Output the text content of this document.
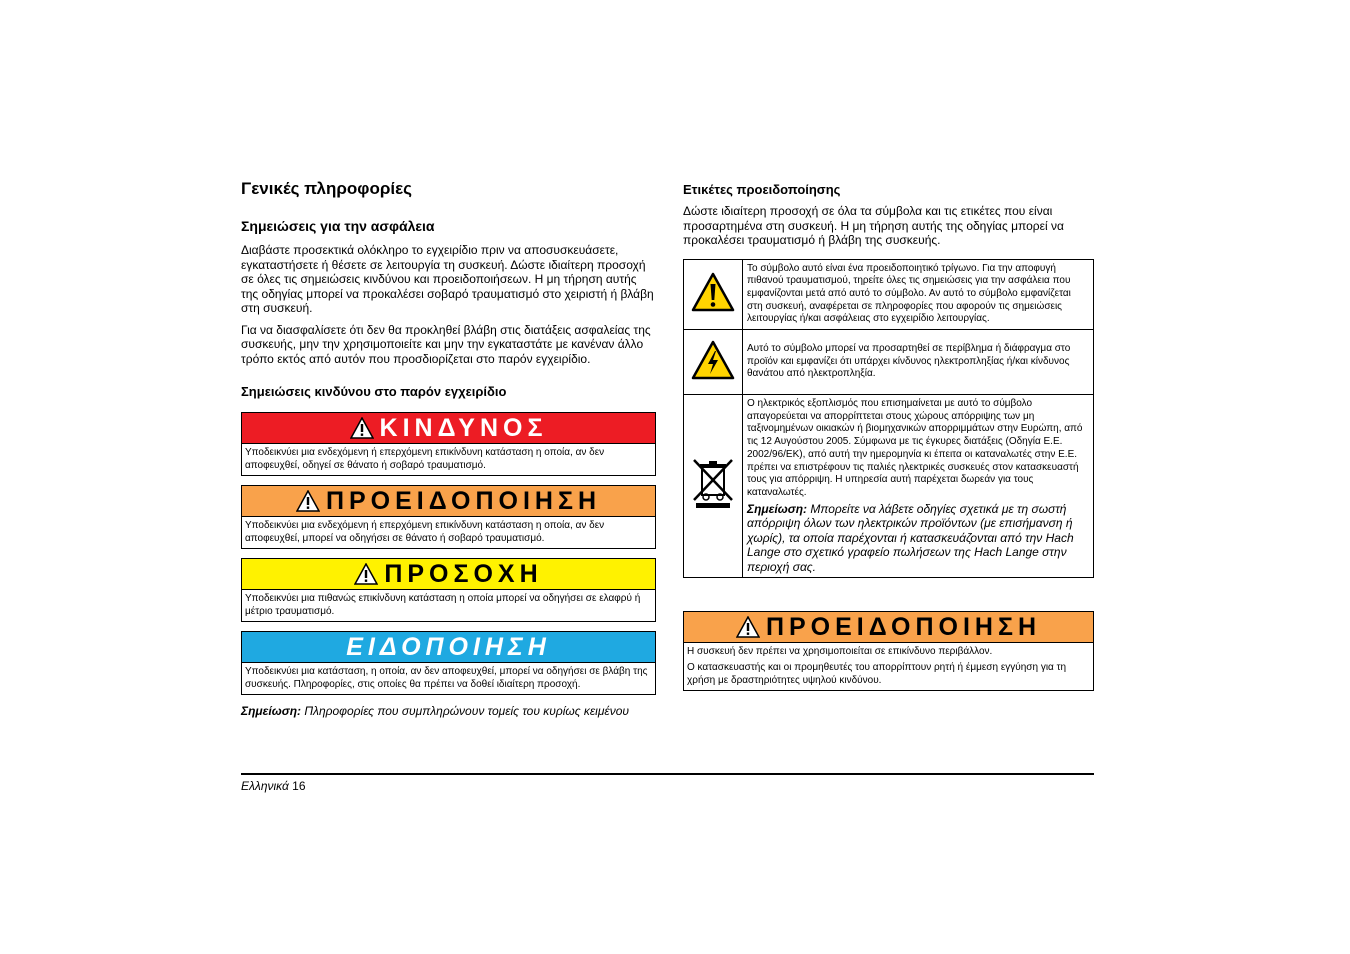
Γενικές πληροφορίες
Σημειώσεις για την ασφάλεια

Διαβάστε προσεκτικά ολόκληρο το εγχειρίδιο πριν να αποσυσκευάσετε, εγκαταστήσετε ή θέσετε σε λειτουργία τη συσκευή. Δώστε ιδιαίτερη προσοχή σε όλες τις σημειώσεις κινδύνου και προειδοποιήσεων. Η μη τήρηση αυτής της οδηγίας μπορεί να προκαλέσει σοβαρό τραυματισμό στο χειριστή ή βλάβη στη συσκευή.

Για να διασφαλίσετε ότι δεν θα προκληθεί βλάβη στις διατάξεις ασφαλείας της συσκευής, μην την χρησιμοποιείτε και μην την εγκαταστάτε με κανέναν άλλο τρόπο εκτός από αυτόν που προσδιορίζεται στο παρόν εγχειρίδιο.

Σημειώσεις κινδύνου στο παρόν εγχειρίδιο
ΚΙΝΔΥΝΟΣ
Υποδεικνύει μια ενδεχόμενη ή επερχόμενη επικίνδυνη κατάσταση η οποία, αν δεν αποφευχθεί, οδηγεί σε θάνατο ή σοβαρό τραυματισμό.
ΠΡΟΕΙΔΟΠΟΙΗΣΗ
Υποδεικνύει μια ενδεχόμενη ή επερχόμενη επικίνδυνη κατάσταση η οποία, αν δεν αποφευχθεί, μπορεί να οδηγήσει σε θάνατο ή σοβαρό τραυματισμό.
ΠΡΟΣΟΧΗ
Υποδεικνύει μια πιθανώς επικίνδυνη κατάσταση η οποία μπορεί να οδηγήσει σε ελαφρύ ή μέτριο τραυματισμό.
ΕΙΔΟΠΟΙΗΣΗ
Υποδεικνύει μια κατάσταση, η οποία, αν δεν αποφευχθεί, μπορεί να οδηγήσει σε βλάβη της συσκευής. Πληροφορίες, στις οποίες θα πρέπει να δοθεί ιδιαίτερη προσοχή.
Σημείωση: Πληροφορίες που συμπληρώνουν τομείς του κυρίως κειμένου
Ετικέτες προειδοποίησης

Δώστε ιδιαίτερη προσοχή σε όλα τα σύμβολα και τις ετικέτες που είναι προσαρτημένα στη συσκευή. Η μη τήρηση αυτής της οδηγίας μπορεί να προκαλέσει τραυματισμό ή βλάβη της συσκευής.

	Το σύμβολο αυτό είναι ένα προειδοποιητικό τρίγωνο. Για την αποφυγή πιθανού τραυματισμού, τηρείτε όλες τις σημειώσεις για την ασφάλεια που εμφανίζονται μετά από αυτό το σύμβολο. Αν αυτό το σύμβολο εμφανίζεται στη συσκευή, αναφέρεται σε πληροφορίες που αφορούν τις σημειώσεις λειτουργίας ή/και ασφάλειας στο εγχειρίδιο λειτουργίας.
	Αυτό το σύμβολο μπορεί να προσαρτηθεί σε περίβλημα ή διάφραγμα στο προϊόν και εμφανίζει ότι υπάρχει κίνδυνος ηλεκτροπληξίας ή/και κίνδυνος θανάτου από ηλεκτροπληξία.
	Ο ηλεκτρικός εξοπλισμός που επισημαίνεται με αυτό το σύμβολο απαγορεύεται να απορρίπτεται στους χώρους απόρριψης των μη ταξινομημένων οικιακών ή βιομηχανικών απορριμμάτων στην Ευρώπη, από τις 12 Αυγούστου 2005. Σύμφωνα με τις έγκυρες διατάξεις (Οδηγία Ε.Ε. 2002/96/ΕΚ), από αυτή την ημερομηνία κι έπειτα οι καταναλωτές στην Ε.Ε. πρέπει να επιστρέφουν τις παλιές ηλεκτρικές συσκευές στον κατασκευαστή τους για απόρριψη. Η υπηρεσία αυτή παρέχεται δωρεάν για τους καταναλωτές.
Σημείωση: Μπορείτε να λάβετε οδηγίες σχετικά με τη σωστή απόρριψη όλων των ηλεκτρικών προϊόντων (με επισήμανση ή χωρίς), τα οποία παρέχονται ή κατασκευάζονται από την Hach Lange στο σχετικό γραφείο πωλήσεων της Hach Lange στην περιοχή σας.
ΠΡΟΕΙΔΟΠΟΙΗΣΗ
Η συσκευή δεν πρέπει να χρησιμοποιείται σε επικίνδυνο περιβάλλον.
Ο κατασκευαστής και οι προμηθευτές του απορρίπτουν ρητή ή έμμεση εγγύηση για τη χρήση με δραστηριότητες υψηλού κινδύνου.
Ελληνικά 16
